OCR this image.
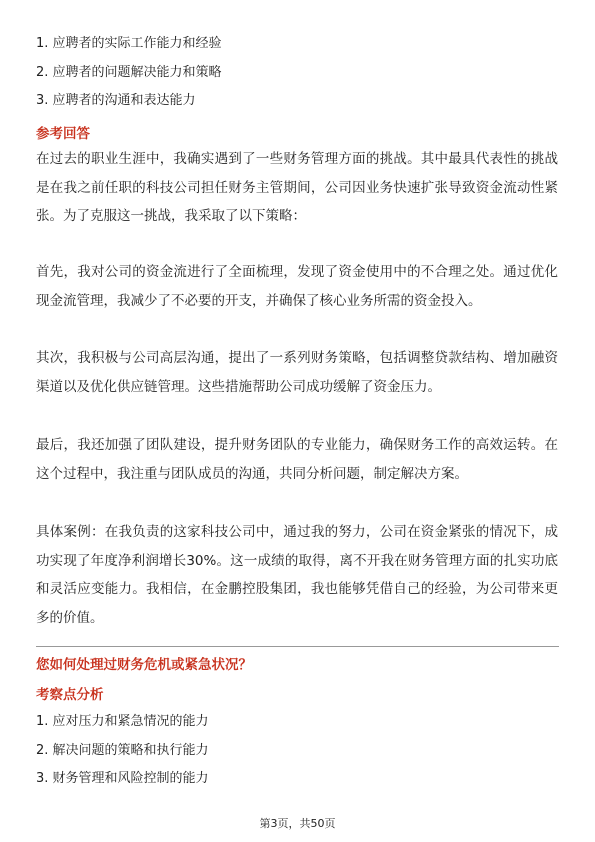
1. 应聘者的实际工作能力和经验
2. 应聘者的问题解决能力和策略
3. 应聘者的沟通和表达能力
参考回答
在过去的职业生涯中，我确实遇到了一些财务管理方面的挑战。其中最具代表性的挑战是在我之前任职的科技公司担任财务主管期间，公司因业务快速扩张导致资金流动性紧张。为了克服这一挑战，我采取了以下策略：
首先，我对公司的资金流进行了全面梳理，发现了资金使用中的不合理之处。通过优化现金流管理，我减少了不必要的开支，并确保了核心业务所需的资金投入。
其次，我积极与公司高层沟通，提出了一系列财务策略，包括调整贷款结构、增加融资渠道以及优化供应链管理。这些措施帮助公司成功缓解了资金压力。
最后，我还加强了团队建设，提升财务团队的专业能力，确保财务工作的高效运转。在这个过程中，我注重与团队成员的沟通，共同分析问题，制定解决方案。
具体案例：在我负责的这家科技公司中，通过我的努力，公司在资金紧张的情况下，成功实现了年度净利润增长30%。这一成绩的取得，离不开我在财务管理方面的扎实功底和灵活应变能力。我相信，在金鹏控股集团，我也能够凭借自己的经验，为公司带来更多的价值。
您如何处理过财务危机或紧急状况？
考察点分析
1. 应对压力和紧急情况的能力
2. 解决问题的策略和执行能力
3. 财务管理和风险控制的能力
第3页，共50页
